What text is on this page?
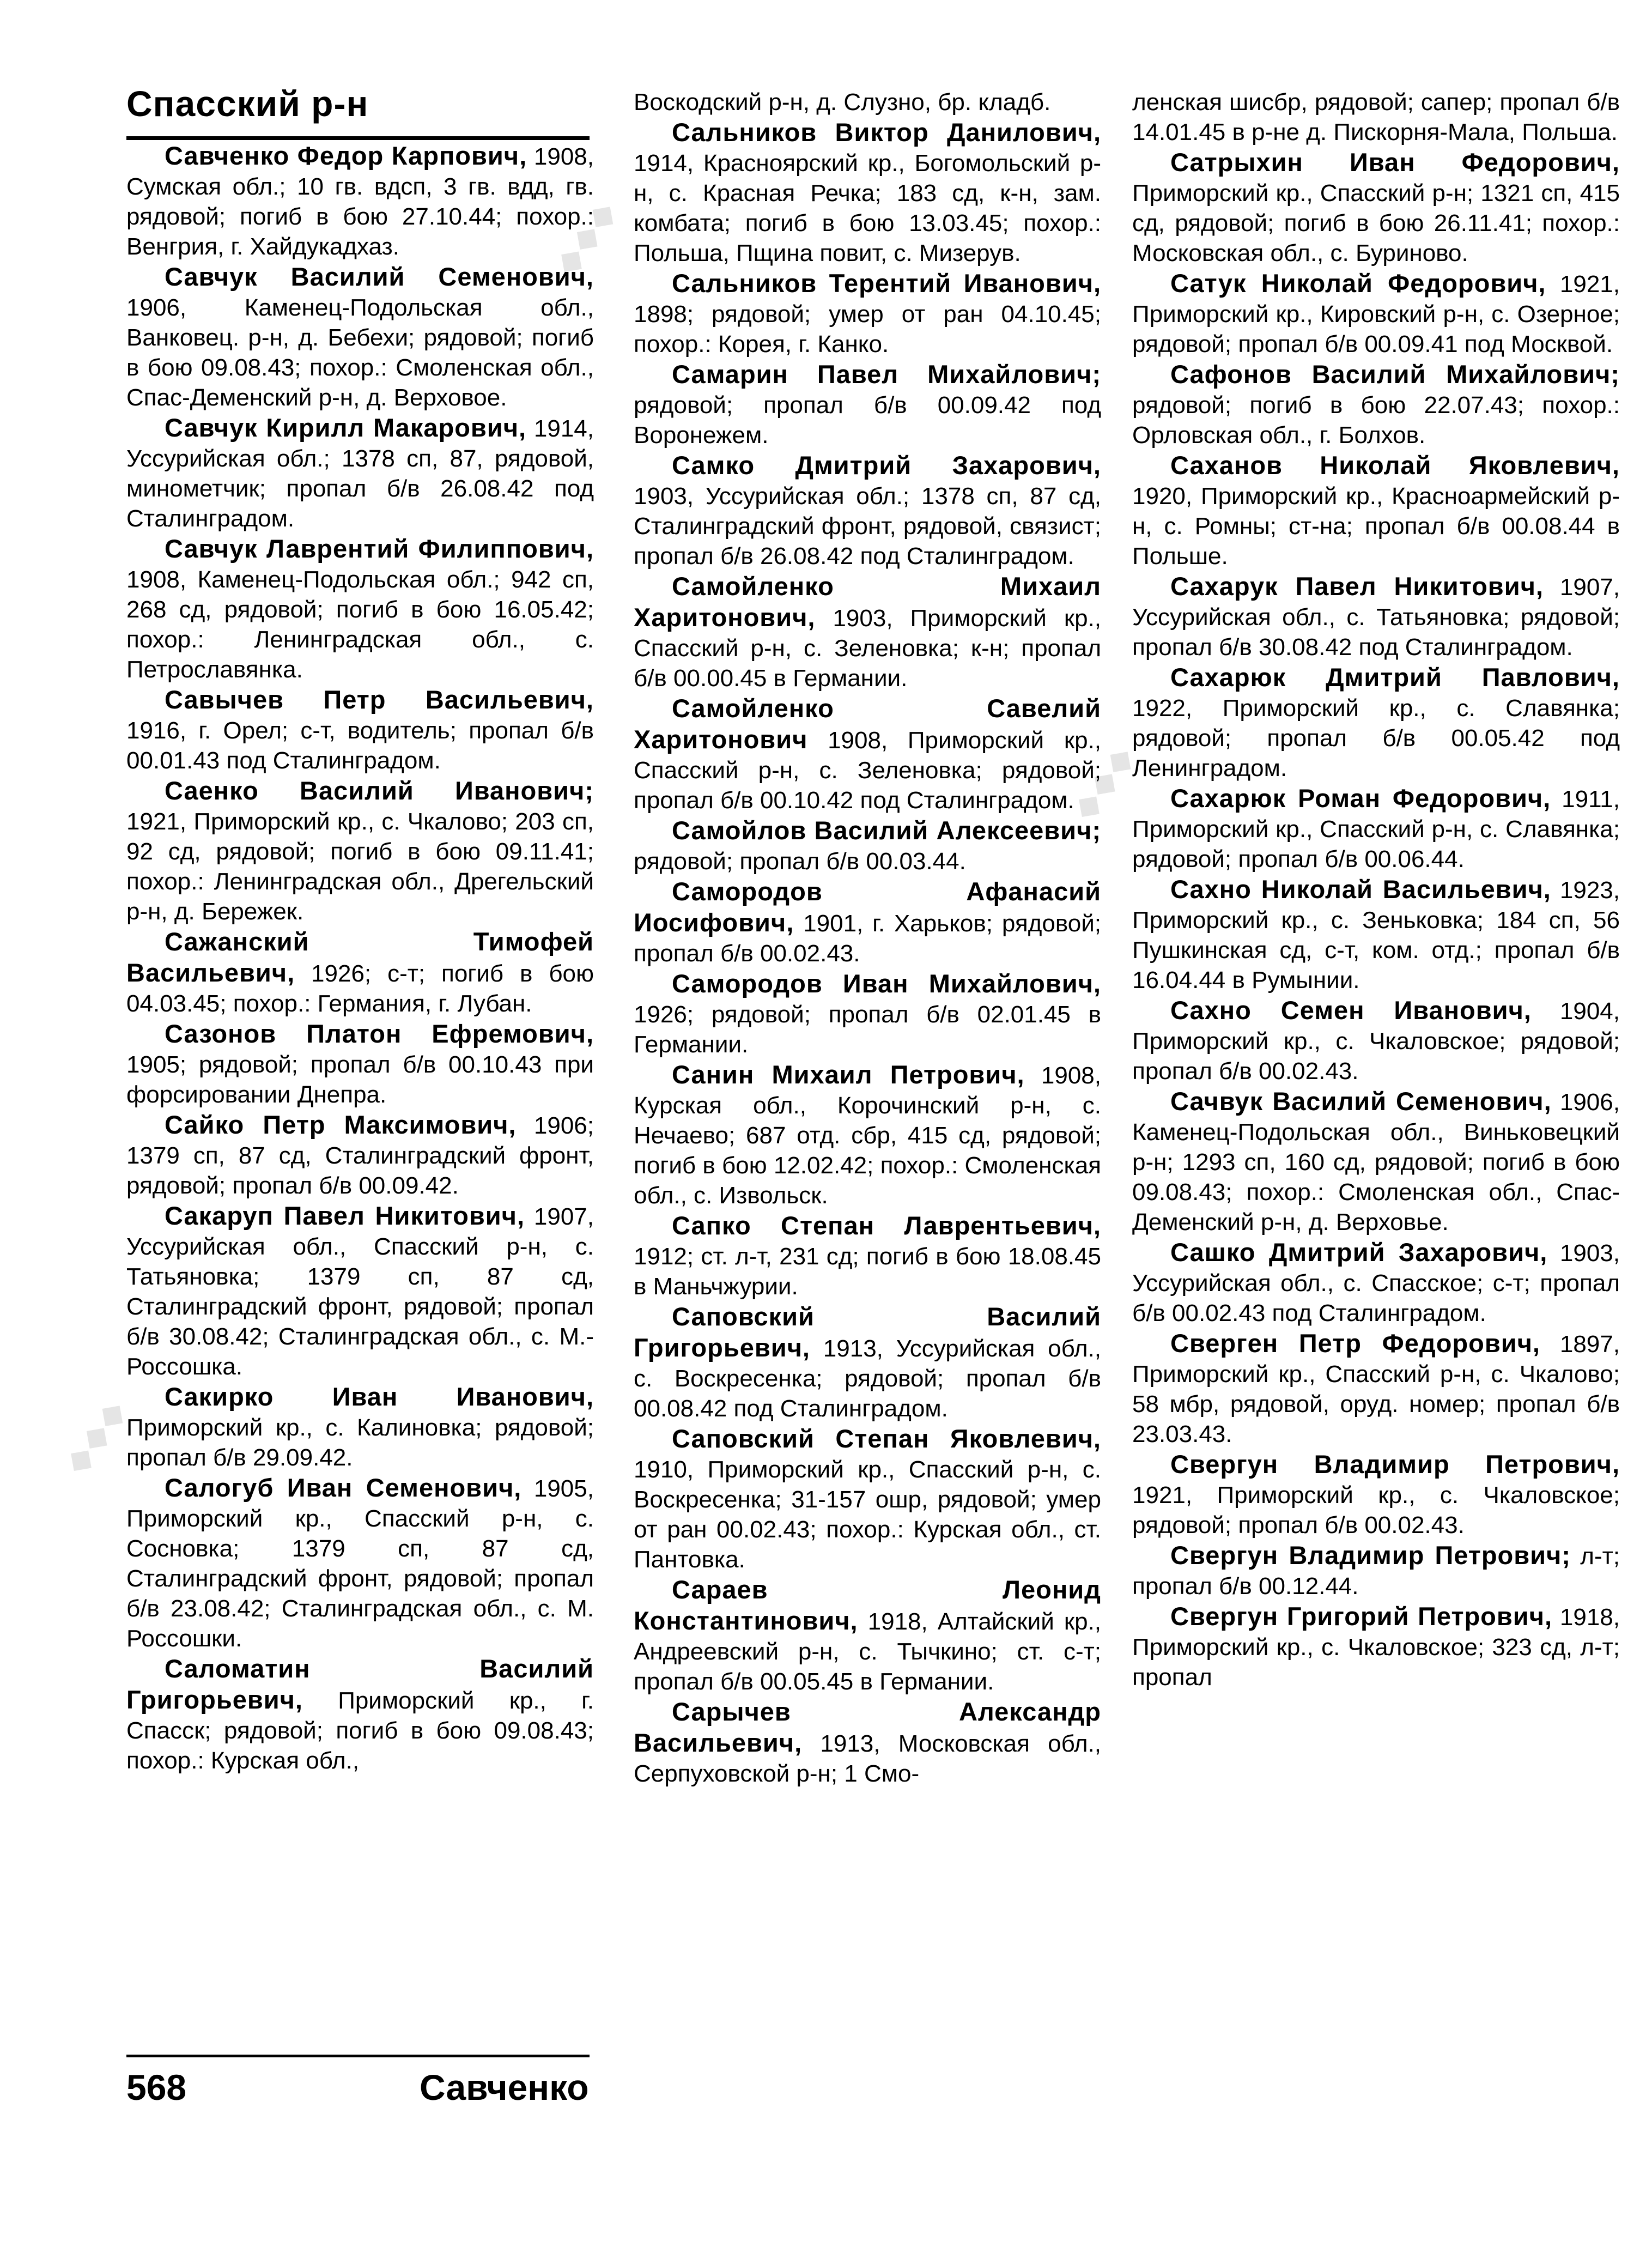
Спасский р-н

Савченко Федор Карпович, 1908, Сумская обл.; 10 гв. вдсп, 3 гв. вдд, гв. рядовой; погиб в бою 27.10.44; похор.: Венгрия, г. Хайдукадхаз.

Савчук Василий Семенович, 1906, Каменец-Подольская обл., Ванковец. р-н, д. Бебехи; рядовой; погиб в бою 09.08.43; похор.: Смоленская обл., Спас-Деменский р-н, д. Верховое.

Савчук Кирилл Макарович, 1914, Уссурийская обл.; 1378 сп, 87, рядовой, минометчик; пропал б/в 26.08.42 под Сталинградом.

Савчук Лаврентий Филиппович, 1908, Каменец-Подольская обл.; 942 сп, 268 сд, рядовой; погиб в бою 16.05.42; похор.: Ленинградская обл., с. Петрославянка.

Савычев Петр Васильевич, 1916, г. Орел; с-т, водитель; пропал б/в 00.01.43 под Сталинградом.

Саенко Василий Иванович; 1921, Приморский кр., с. Чкалово; 203 сп, 92 сд, рядовой; погиб в бою 09.11.41; похор.: Ленинградская обл., Дрегельский р-н, д. Бережек.

Сажанский Тимофей Васильевич, 1926; с-т; погиб в бою 04.03.45; похор.: Германия, г. Лубан.

Сазонов Платон Ефремович, 1905; рядовой; пропал б/в 00.10.43 при форсировании Днепра.

Сайко Петр Максимович, 1906; 1379 сп, 87 сд, Сталинградский фронт, рядовой; пропал б/в 00.09.42.

Сакаруп Павел Никитович, 1907, Уссурийская обл., Спасский р-н, с. Татьяновка; 1379 сп, 87 сд, Сталинградский фронт, рядовой; пропал б/в 30.08.42; Сталинградская обл., с. М.-Россошка.

Сакирко Иван Иванович, Приморский кр., с. Калиновка; рядовой; пропал б/в 29.09.42.

Салогуб Иван Семенович, 1905, Приморский кр., Спасский р-н, с. Сосновка; 1379 сп, 87 сд, Сталинградский фронт, рядовой; пропал б/в 23.08.42; Сталинградская обл., с. М. Россошки.

Саломатин Василий Григорьевич, Приморский кр., г. Спасск; рядовой; погиб в бою 09.08.43; похор.: Курская обл.,

Воскодский р-н, д. Слузно, бр. кладб.

Сальников Виктор Данилович, 1914, Красноярский кр., Богомольский р-н, с. Красная Речка; 183 сд, к-н, зам. комбата; погиб в бою 13.03.45; похор.: Польша, Пщина повит, с. Мизерув.

Сальников Терентий Иванович, 1898; рядовой; умер от ран 04.10.45; похор.: Корея, г. Канко.

Самарин Павел Михайлович; рядовой; пропал б/в 00.09.42 под Воронежем.

Самко Дмитрий Захарович, 1903, Уссурийская обл.; 1378 сп, 87 сд, Сталинградский фронт, рядовой, связист; пропал б/в 26.08.42 под Сталинградом.

Самойленко Михаил Харитонович, 1903, Приморский кр., Спасский р-н, с. Зеленовка; к-н; пропал б/в 00.00.45 в Германии.

Самойленко Савелий Харитонович 1908, Приморский кр., Спасский р-н, с. Зеленовка; рядовой; пропал б/в 00.10.42 под Сталинградом.

Самойлов Василий Алексеевич; рядовой; пропал б/в 00.03.44.

Самородов Афанасий Иосифович, 1901, г. Харьков; рядовой; пропал б/в 00.02.43.

Самородов Иван Михайлович, 1926; рядовой; пропал б/в 02.01.45 в Германии.

Санин Михаил Петрович, 1908, Курская обл., Корочинский р-н, с. Нечаево; 687 отд. сбр, 415 сд, рядовой; погиб в бою 12.02.42; похор.: Смоленская обл., с. Извольск.

Сапко Степан Лаврентьевич, 1912; ст. л-т, 231 сд; погиб в бою 18.08.45 в Маньчжурии.

Саповский Василий Григорьевич, 1913, Уссурийская обл., с. Воскресенка; рядовой; пропал б/в 00.08.42 под Сталинградом.

Саповский Степан Яковлевич, 1910, Приморский кр., Спасский р-н, с. Воскресенка; 31-157 ошр, рядовой; умер от ран 00.02.43; похор.: Курская обл., ст. Пантовка.

Сараев Леонид Константинович, 1918, Алтайский кр., Андреевский р-н, с. Тычкино; ст. с-т; пропал б/в 00.05.45 в Германии.

Сарычев Александр Васильевич, 1913, Московская обл., Серпуховской р-н; 1 Смо-

ленская шисбр, рядовой; сапер; пропал б/в 14.01.45 в р-не д. Пискорня-Мала, Польша.

Сатрыхин Иван Федорович, Приморский кр., Спасский р-н; 1321 сп, 415 сд, рядовой; погиб в бою 26.11.41; похор.: Московская обл., с. Буриново.

Сатук Николай Федорович, 1921, Приморский кр., Кировский р-н, с. Озерное; рядовой; пропал б/в 00.09.41 под Москвой.

Сафонов Василий Михайлович; рядовой; погиб в бою 22.07.43; похор.: Орловская обл., г. Болхов.

Саханов Николай Яковлевич, 1920, Приморский кр., Красноармейский р-н, с. Ромны; ст-на; пропал б/в 00.08.44 в Польше.

Сахарук Павел Никитович, 1907, Уссурийская обл., с. Татьяновка; рядовой; пропал б/в 30.08.42 под Сталинградом.

Сахарюк Дмитрий Павлович, 1922, Приморский кр., с. Славянка; рядовой; пропал б/в 00.05.42 под Ленинградом.

Сахарюк Роман Федорович, 1911, Приморский кр., Спасский р-н, с. Славянка; рядовой; пропал б/в 00.06.44.

Сахно Николай Васильевич, 1923, Приморский кр., с. Зеньковка; 184 сп, 56 Пушкинская сд, с-т, ком. отд.; пропал б/в 16.04.44 в Румынии.

Сахно Семен Иванович, 1904, Приморский кр., с. Чкаловское; рядовой; пропал б/в 00.02.43.

Сачвук Василий Семенович, 1906, Каменец-Подольская обл., Виньковецкий р-н; 1293 сп, 160 сд, рядовой; погиб в бою 09.08.43; похор.: Смоленская обл., Спас-Деменский р-н, д. Верховье.

Сашко Дмитрий Захарович, 1903, Уссурийская обл., с. Спасское; с-т; пропал б/в 00.02.43 под Сталинградом.

Сверген Петр Федорович, 1897, Приморский кр., Спасский р-н, с. Чкалово; 58 мбр, рядовой, оруд. номер; пропал б/в 23.03.43.

Свергун Владимир Петрович, 1921, Приморский кр., с. Чкаловское; рядовой; пропал б/в 00.02.43.

Свергун Владимир Петрович; л-т; пропал б/в 00.12.44.

Свергун Григорий Петрович, 1918, Приморский кр., с. Чкаловское; 323 сд, л-т; пропал

568	Савченко
◆◆◆
◆◆◆
◆◆◆
